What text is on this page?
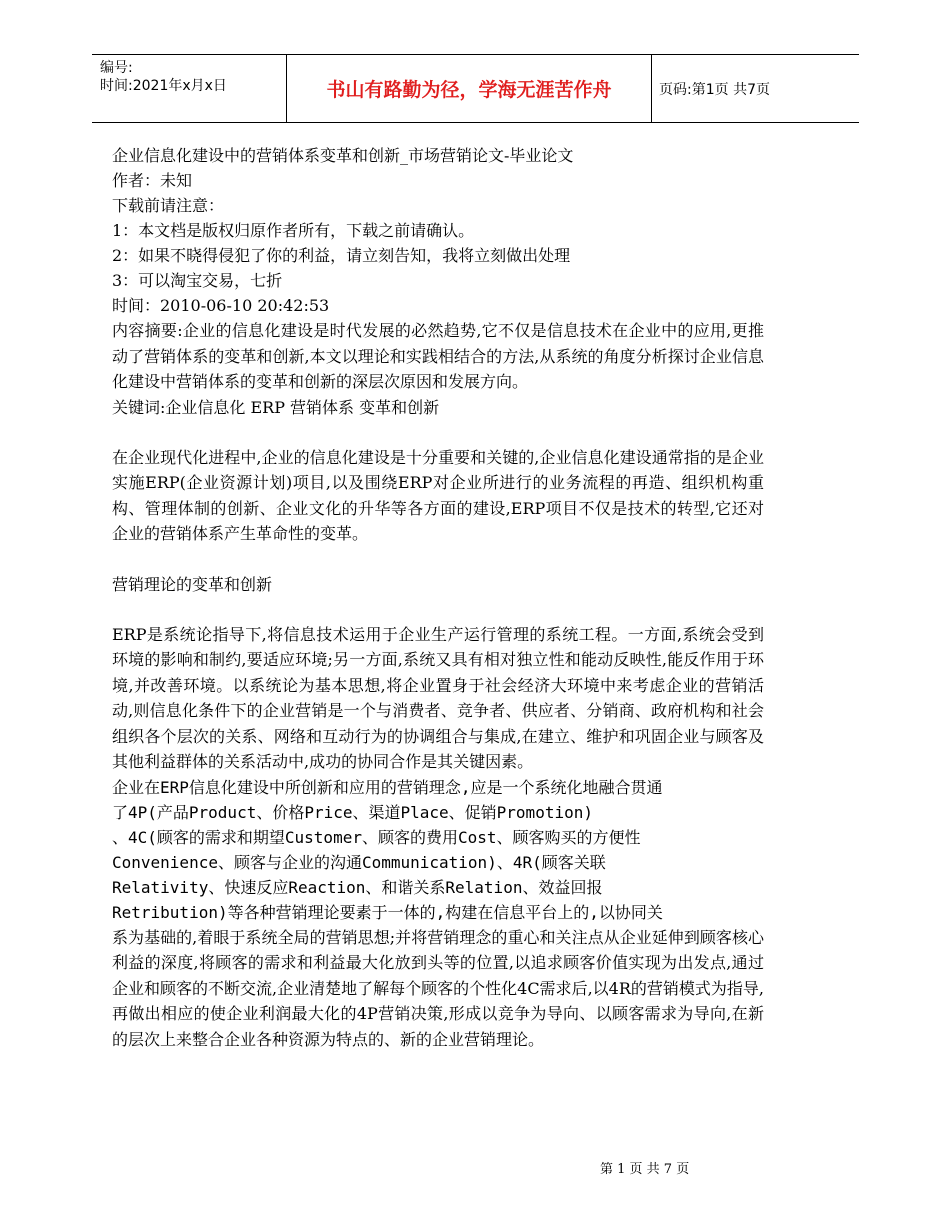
编号:
时间:2021年x月x日	书山有路勤为径，学海无涯苦作舟	页码:第1页 共7页
企业信息化建设中的营销体系变革和创新_市场营销论文-毕业论文
作者：未知
下载前请注意：
1：本文档是版权归原作者所有，下载之前请确认。
2：如果不晓得侵犯了你的利益，请立刻告知，我将立刻做出处理
3：可以淘宝交易，七折
时间：2010-06-10 20:42:53
内容摘要:企业的信息化建设是时代发展的必然趋势,它不仅是信息技术在企业中的应用,更推动了营销体系的变革和创新,本文以理论和实践相结合的方法,从系统的角度分析探讨企业信息化建设中营销体系的变革和创新的深层次原因和发展方向。
关键词:企业信息化 ERP 营销体系 变革和创新
在企业现代化进程中,企业的信息化建设是十分重要和关键的,企业信息化建设通常指的是企业实施ERP(企业资源计划)项目,以及围绕ERP对企业所进行的业务流程的再造、组织机构重构、管理体制的创新、企业文化的升华等各方面的建设,ERP项目不仅是技术的转型,它还对企业的营销体系产生革命性的变革。
营销理论的变革和创新
ERP是系统论指导下,将信息技术运用于企业生产运行管理的系统工程。一方面,系统会受到环境的影响和制约,要适应环境;另一方面,系统又具有相对独立性和能动反映性,能反作用于环境,并改善环境。以系统论为基本思想,将企业置身于社会经济大环境中来考虑企业的营销活动,则信息化条件下的企业营销是一个与消费者、竞争者、供应者、分销商、政府机构和社会组织各个层次的关系、网络和互动行为的协调组合与集成,在建立、维护和巩固企业与顾客及其他利益群体的关系活动中,成功的协同合作是其关键因素。
企业在ERP信息化建设中所创新和应用的营销理念,应是一个系统化地融合贯通
了4P(产品Product、价格Price、渠道Place、促销Promotion)
、4C(顾客的需求和期望Customer、顾客的费用Cost、顾客购买的方便性
Convenience、顾客与企业的沟通Communication)、4R(顾客关联
Relativity、快速反应Reaction、和谐关系Relation、效益回报
Retribution)等各种营销理论要素于一体的,构建在信息平台上的,以协同关
系为基础的,着眼于系统全局的营销思想;并将营销理念的重心和关注点从企业延伸到顾客核心利益的深度,将顾客的需求和利益最大化放到头等的位置,以追求顾客价值实现为出发点,通过企业和顾客的不断交流,企业清楚地了解每个顾客的个性化4C需求后,以4R的营销模式为指导,再做出相应的使企业利润最大化的4P营销决策,形成以竞争为导向、以顾客需求为导向,在新的层次上来整合企业各种资源为特点的、新的企业营销理论。
第 1 页 共 7 页
